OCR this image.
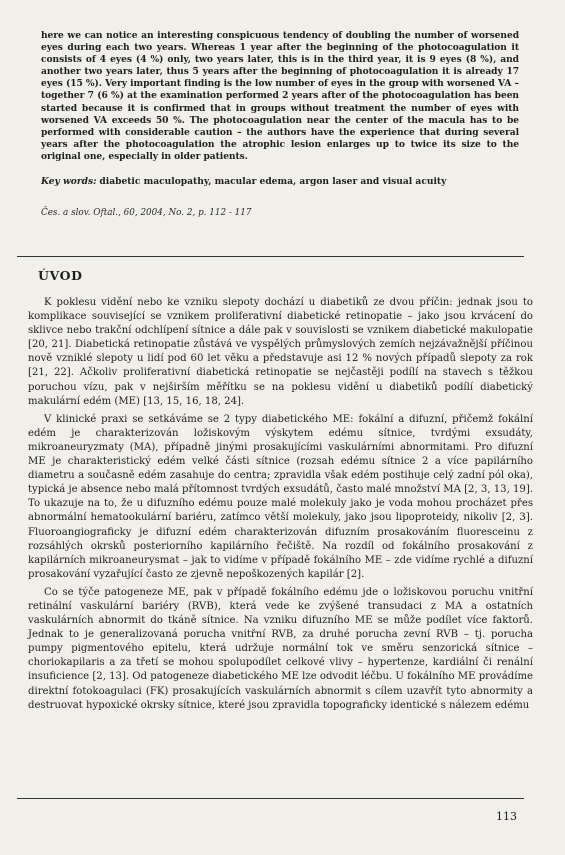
here we can notice an interesting conspicuous tendency of doubling the number of worsened eyes during each two years. Whereas 1 year after the beginning of the photocoagulation it consists of 4 eyes (4 %) only, two years later, this is in the third year, it is 9 eyes (8 %), and another two years later, thus 5 years after the beginning of photocoagulation it is already 17 eyes (15 %). Very important finding is the low number of eyes in the group with worsened VA – together 7 (6 %) at the examination performed 2 years after of the photocoagulation has been started because it is confirmed that in groups without treatment the number of eyes with worsened VA exceeds 50 %. The photocoagulation near the center of the macula has to be performed with considerable caution – the authors have the experience that during several years after the photocoagulation the atrophic lesion enlarges up to twice its size to the original one, especially in older patients.
Key words: diabetic maculopathy, macular edema, argon laser and visual acuity
Čes. a slov. Oftal., 60, 2004, No. 2, p. 112 - 117
ÚVOD

K poklesu vidění nebo ke vzniku slepoty dochází u diabetiků ze dvou příčin: jednak jsou to komplikace související se vznikem proliferativní diabetické retinopatie – jako jsou krvácení do sklivce nebo trakční odchlípení sítnice a dále pak v souvislosti se vznikem diabetické makulopatie [20, 21]. Diabetická retinopatie zůstává ve vyspělých průmyslových zemích nejzávažnější příčinou nově vzniklé slepoty u lidí pod 60 let věku a představuje asi 12 % nových případů slepoty za rok [21, 22]. Ačkoliv proliferativní diabetická retinopatie se nejčastěji podílí na stavech s těžkou poruchou vízu, pak v nejširším měřítku se na poklesu vidění u diabetiků podílí diabetický makulární edém (ME) [13, 15, 16, 18, 24].

V klinické praxi se setkáváme se 2 typy diabetického ME: fokální a difuzní, přičemž fokální edém je charakterizován ložiskovým výskytem edému sítnice, tvrdými exsudáty, mikroaneuryzmaty (MA), případně jinými prosakujícími vaskulárními abnormitami. Pro difuzní ME je charakteristický edém velké části sítnice (rozsah edému sítnice 2 a více papilárního diametru a současně edém zasahuje do centra; zpravidla však edém postihuje celý zadní pól oka), typická je absence nebo malá přítomnost tvrdých exsudátů, často malé množství MA [2, 3, 13, 19]. To ukazuje na to, že u difuzního edému pouze malé molekuly jako je voda mohou procházet přes abnormální hematookulární bariéru, zatímco větší molekuly, jako jsou lipoproteidy, nikoliv [2, 3]. Fluoroangiograficky je difuzní edém charakterizován difuzním prosakováním fluoresceinu z rozsáhlých okrsků posteriorního kapilárního řečiště. Na rozdíl od fokálního prosakování z kapilárních mikroaneurysmat – jak to vidíme v případě fokálního ME – zde vidíme rychlé a difuzní prosakování vyzařující často ze zjevně nepoškozených kapilár [2].

Co se týče patogeneze ME, pak v případě fokálního edému jde o ložiskovou poruchu vnitřní retinální vaskulární bariéry (RVB), která vede ke zvýšené transudaci z MA a ostatních vaskulárních abnormit do tkáně sítnice. Na vzniku difuzního ME se může podílet více faktorů. Jednak to je generalizovaná porucha vnitřní RVB, za druhé porucha zevní RVB – tj. porucha pumpy pigmentového epitelu, která udržuje normální tok ve směru senzorická sítnice – choriokapilaris a za třetí se mohou spolupodílet celkové vlivy – hypertenze, kardiální či renální insuficience [2, 13]. Od patogeneze diabetického ME lze odvodit léčbu. U fokálního ME provádíme direktní fotokoagulaci (FK) prosakujících vaskulárních abnormit s cílem uzavřít tyto abnormity a destruovat hypoxické okrsky sítnice, které jsou zpravidla topograficky identické s nálezem edému

113
